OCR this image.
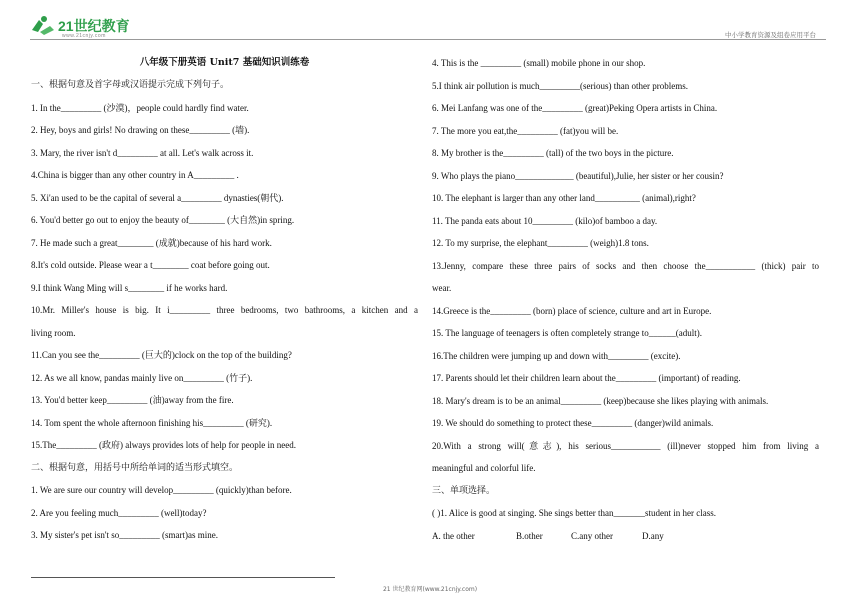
21世纪教育
www.21cnjy.com	中小学教育资源及组卷应用平台
八年级下册英语 Unit7 基础知识训练卷
一、根据句意及首字母或汉语提示完成下列句子。
1. In the_________ (沙漠)，people could hardly find water.
2. Hey, boys and girls! No drawing on these_________ (墙).
3. Mary, the river isn't d_________ at all. Let's walk across it.
4.China is bigger than any other country in A_________ .
5. Xi'an used to be the capital of several a_________ dynasties(朝代).
6. You'd better go out to enjoy the beauty of________ (大自然)in spring.
7. He made such a great________ (成就)because of his hard work.
8.It's cold outside. Please wear a t________ coat before going out.
9.I think Wang Ming will s________ if he works hard.
10.Mr. Miller's house is big. It i_________ three bedrooms, two bathrooms, a kitchen and a
living room.
11.Can you see the_________ (巨大的)clock on the top of the building?
12. As we all know, pandas mainly live on_________ (竹子).
13. You'd better keep_________ (油)away from the fire.
14. Tom spent the whole afternoon finishing his_________ (研究).
15.The_________ (政府) always provides lots of help for people in need.
二、根据句意，用括号中所给单词的适当形式填空。
1. We are sure our country will develop_________ (quickly)than before.
2. Are you feeling much_________ (well)today?
3. My sister's pet isn't so_________ (smart)as mine.
4. This is the _________ (small) mobile phone in our shop.
5.I think air pollution is much_________(serious) than other problems.
6. Mei Lanfang was one of the_________ (great)Peking Opera artists in China.
7. The more you eat,the_________ (fat)you will be.
8. My brother is the_________ (tall) of the two boys in the picture.
9. Who plays the piano_____________ (beautiful),Julie, her sister or her cousin?
10. The elephant is larger than any other land__________ (animal),right?
11. The panda eats about 10_________ (kilo)of bamboo a day.
12. To my surprise, the elephant_________ (weigh)1.8 tons.
13.Jenny, compare these three pairs of socks and then choose the___________ (thick) pair to
wear.
14.Greece is the_________ (born) place of science, culture and art in Europe.
15. The language of teenagers is often completely strange to______(adult).
16.The children were jumping up and down with_________ (excite).
17. Parents should let their children learn about the_________ (important) of reading.
18. Mary's dream is to be an animal_________ (keep)because she likes playing with animals.
19. We should do something to protect these_________ (danger)wild animals.
20.With a strong will(意志), his serious___________ (ill)never stopped him from living a
meaningful and colorful life.
三、单项选择。
( )1. Alice is good at singing. She sings better than_______student in her class.
A. the other	B.other	C.any other	D.any
21 世纪教育网(www.21cnjy.com)
